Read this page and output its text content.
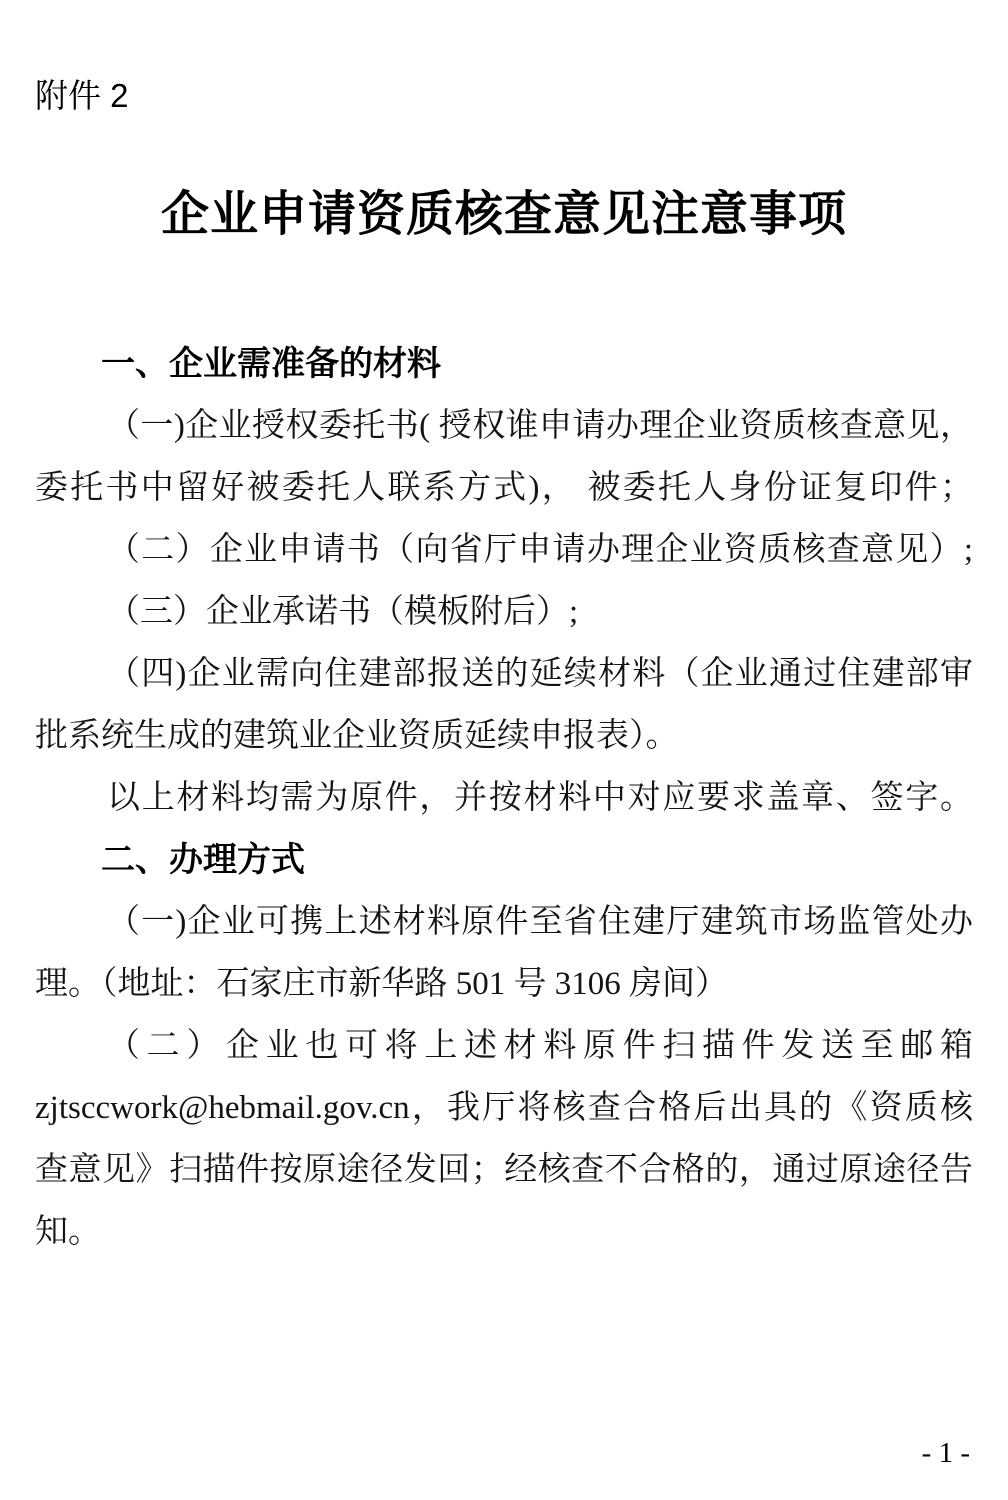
附件 2
企业申请资质核查意见注意事项
一、企业需准备的材料
（一)企业授权委托书( 授权谁申请办理企业资质核查意见，
委托书中留好被委托人联系方式)， 被委托人身份证复印件；
（二）企业申请书（向省厅申请办理企业资质核查意见）;
（三）企业承诺书（模板附后）;
（四)企业需向住建部报送的延续材料（企业通过住建部审
批系统生成的建筑业企业资质延续申报表）。
以上材料均需为原件，并按材料中对应要求盖章、签字。
二、办理方式
（一)企业可携上述材料原件至省住建厅建筑市场监管处办
理。（地址：石家庄市新华路 501 号 3106 房间）
（二）企业也可将上述材料原件扫描件发送至邮箱
zjtsccwork@hebmail.gov.cn，我厅将核查合格后出具的《资质核
查意见》扫描件按原途径发回；经核查不合格的，通过原途径告
知。
- 1 -
